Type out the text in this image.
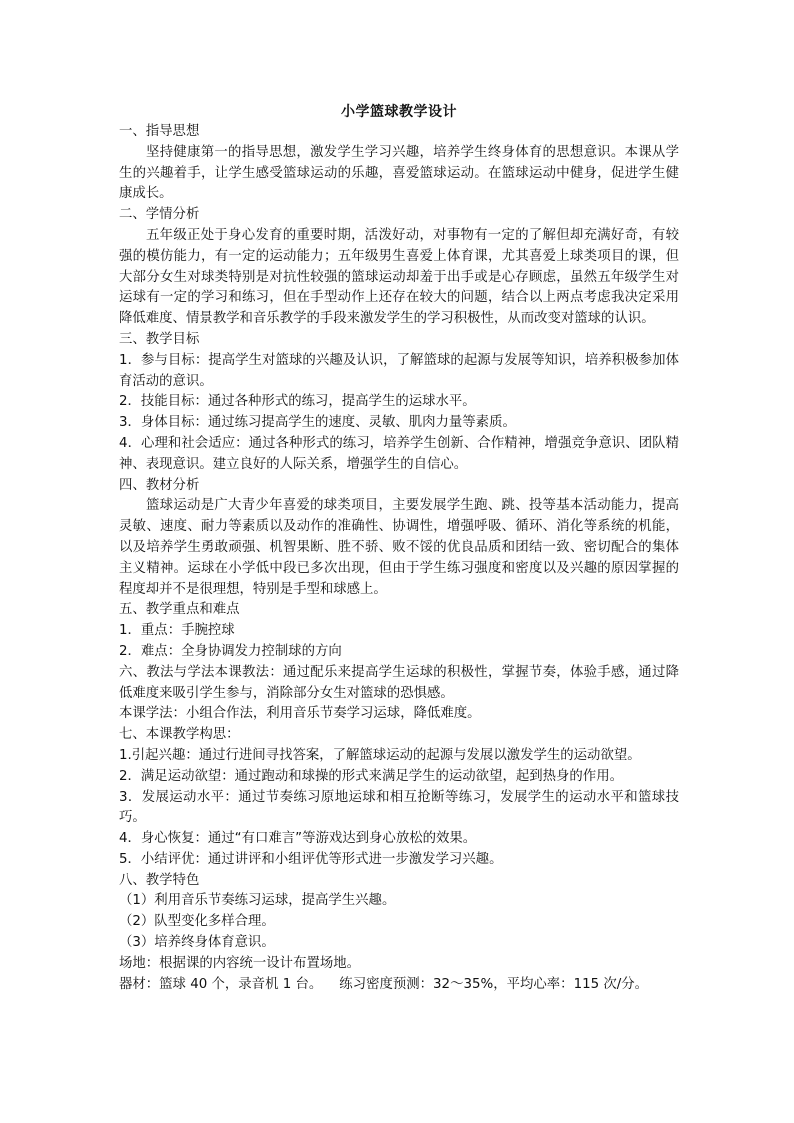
小学篮球教学设计

一、指导思想

坚持健康第一的指导思想，激发学生学习兴趣，培养学生终身体育的思想意识。本课从学生的兴趣着手，让学生感受篮球运动的乐趣，喜爱篮球运动。在篮球运动中健身，促进学生健康成长。

二、学情分析

五年级正处于身心发育的重要时期，活泼好动，对事物有一定的了解但却充满好奇，有较强的模仿能力，有一定的运动能力；五年级男生喜爱上体育课，尤其喜爱上球类项目的课，但大部分女生对球类特别是对抗性较强的篮球运动却羞于出手或是心存顾虑，虽然五年级学生对运球有一定的学习和练习，但在手型动作上还存在较大的问题，结合以上两点考虑我决定采用降低难度、情景教学和音乐教学的手段来激发学生的学习积极性，从而改变对篮球的认识。

三、教学目标

1．参与目标：提高学生对篮球的兴趣及认识，了解篮球的起源与发展等知识，培养积极参加体育活动的意识。

2．技能目标：通过各种形式的练习，提高学生的运球水平。

3．身体目标：通过练习提高学生的速度、灵敏、肌肉力量等素质。

4．心理和社会适应：通过各种形式的练习，培养学生创新、合作精神，增强竞争意识、团队精神、表现意识。建立良好的人际关系，增强学生的自信心。

四、教材分析

篮球运动是广大青少年喜爱的球类项目，主要发展学生跑、跳、投等基本活动能力，提高灵敏、速度、耐力等素质以及动作的准确性、协调性，增强呼吸、循环、消化等系统的机能，以及培养学生勇敢顽强、机智果断、胜不骄、败不馁的优良品质和团结一致、密切配合的集体主义精神。运球在小学低中段已多次出现，但由于学生练习强度和密度以及兴趣的原因掌握的程度却并不是很理想，特别是手型和球感上。

五、教学重点和难点

1．重点：手腕控球

2．难点：全身协调发力控制球的方向

六、教法与学法本课教法：通过配乐来提高学生运球的积极性，掌握节奏，体验手感，通过降低难度来吸引学生参与，消除部分女生对篮球的恐惧感。

本课学法：小组合作法，利用音乐节奏学习运球，降低难度。

七、本课教学构思：

1.引起兴趣：通过行进间寻找答案，了解篮球运动的起源与发展以激发学生的运动欲望。

2．满足运动欲望：通过跑动和球操的形式来满足学生的运动欲望，起到热身的作用。

3．发展运动水平：通过节奏练习原地运球和相互抢断等练习，发展学生的运动水平和篮球技巧。

4．身心恢复：通过“有口难言”等游戏达到身心放松的效果。

5．小结评优：通过讲评和小组评优等形式进一步激发学习兴趣。

八、教学特色

（1）利用音乐节奏练习运球，提高学生兴趣。

（2）队型变化多样合理。

（3）培养终身体育意识。

场地：根据课的内容统一设计布置场地。

器材：篮球 40 个，录音机 1 台。    练习密度预测：32～35%，平均心率：115 次/分。
